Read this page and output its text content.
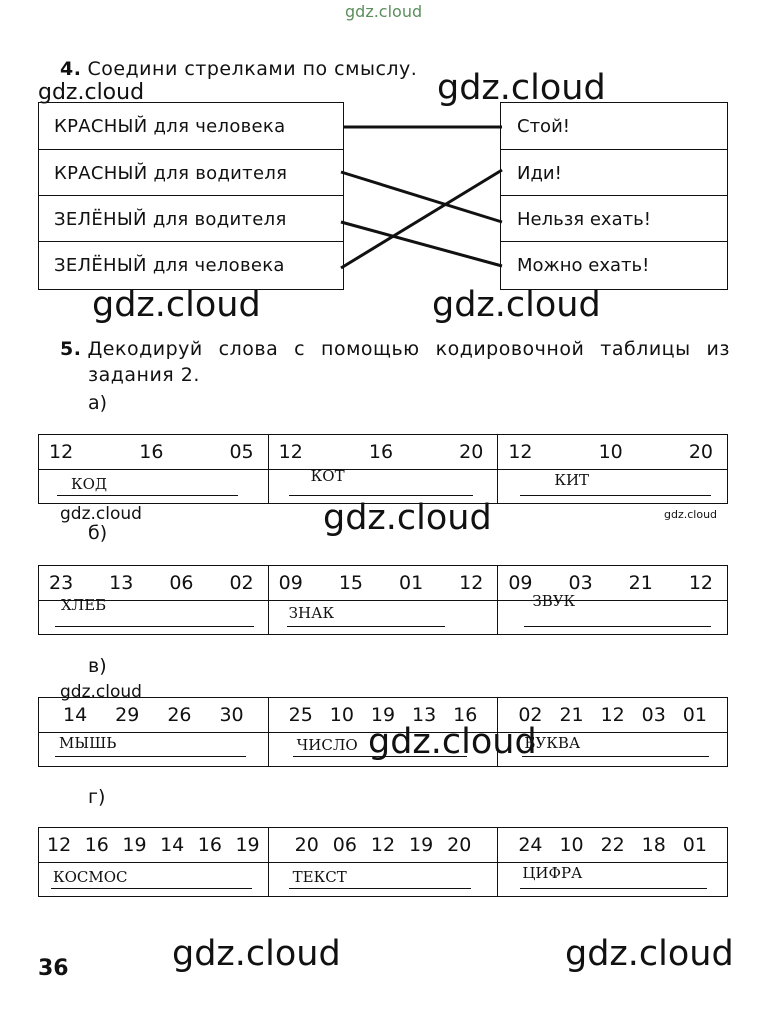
gdz.cloud
4. Соедини стрелками по смыслу.
gdz.cloud	gdz.cloud
КРАСНЫЙ для человека
КРАСНЫЙ для водителя
ЗЕЛЁНЫЙ для водителя
ЗЕЛЁНЫЙ для человека
Стой!
Иди!
Нельзя ехать!
Можно ехать!
gdz.cloud	gdz.cloud
5. Декодируй слова с помощью кодировочной таблицы из
задания 2.
а)
12	16	05
КОД
12	16	20
КОТ
12	10	20
КИТ
gdz.cloud	gdz.cloud	gdz.cloud
б)
23 13 06 02
ХЛЕБ
09 15 01 12
ЗНАК
09 03 21 12
ЗВУК
в)
gdz.cloud
14 29 26 30
МЫШЬ
25 10 19 13 16
ЧИСЛО
02 21 12 03 01
БУКВА
gdz.cloud
г)
12 16 19 14 16 19
КОСМОС
20 06 12 19 20
ТЕКСТ
24 10 22 18 01
ЦИФРА
36	gdz.cloud	gdz.cloud
